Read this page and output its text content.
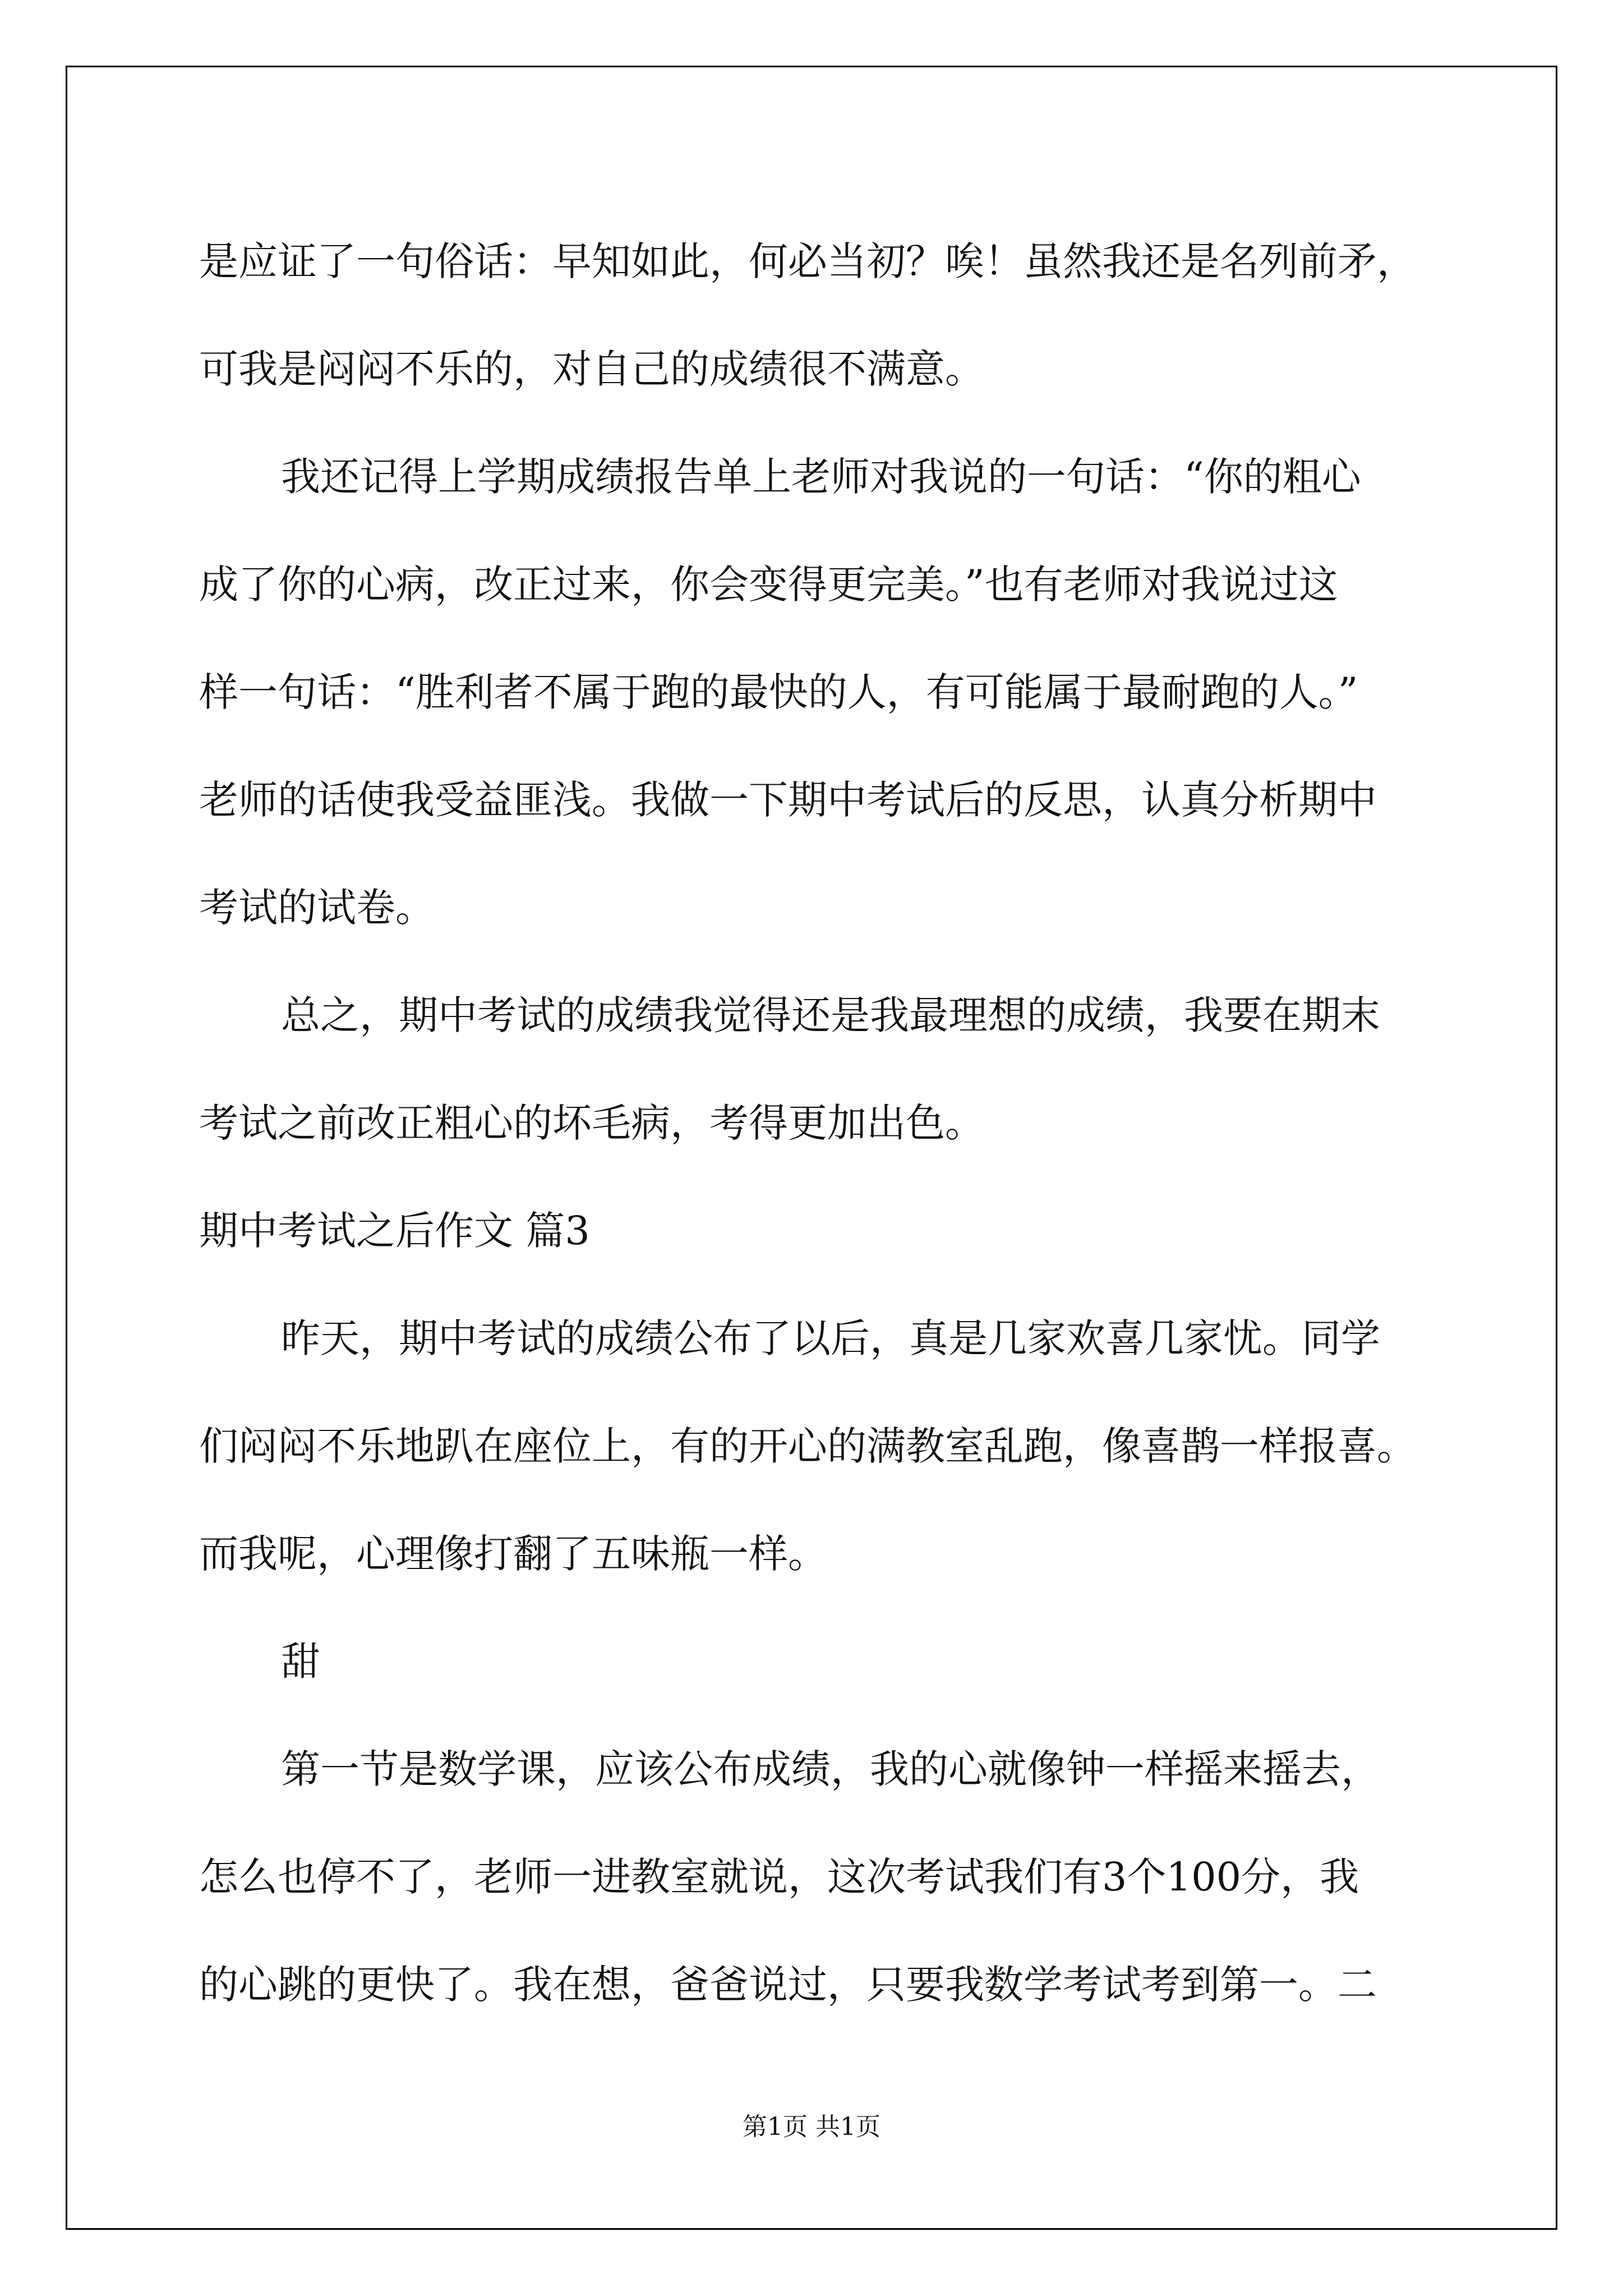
是应证了一句俗话：早知如此，何必当初？唉！虽然我还是名列前矛，
可我是闷闷不乐的，对自己的成绩很不满意。
我还记得上学期成绩报告单上老师对我说的一句话：“你的粗心
成了你的心病，改正过来，你会变得更完美。”也有老师对我说过这
样一句话：“胜利者不属于跑的最快的人，有可能属于最耐跑的人。”
老师的话使我受益匪浅。我做一下期中考试后的反思，认真分析期中
考试的试卷。
总之，期中考试的成绩我觉得还是我最理想的成绩，我要在期末
考试之前改正粗心的坏毛病，考得更加出色。
期中考试之后作文 篇3
昨天，期中考试的成绩公布了以后，真是几家欢喜几家忧。同学
们闷闷不乐地趴在座位上，有的开心的满教室乱跑，像喜鹊一样报喜。
而我呢，心理像打翻了五味瓶一样。
甜
第一节是数学课，应该公布成绩，我的心就像钟一样摇来摇去，
怎么也停不了，老师一进教室就说，这次考试我们有3个100分，我
的心跳的更快了。我在想，爸爸说过，只要我数学考试考到第一。二
第1页 共1页
